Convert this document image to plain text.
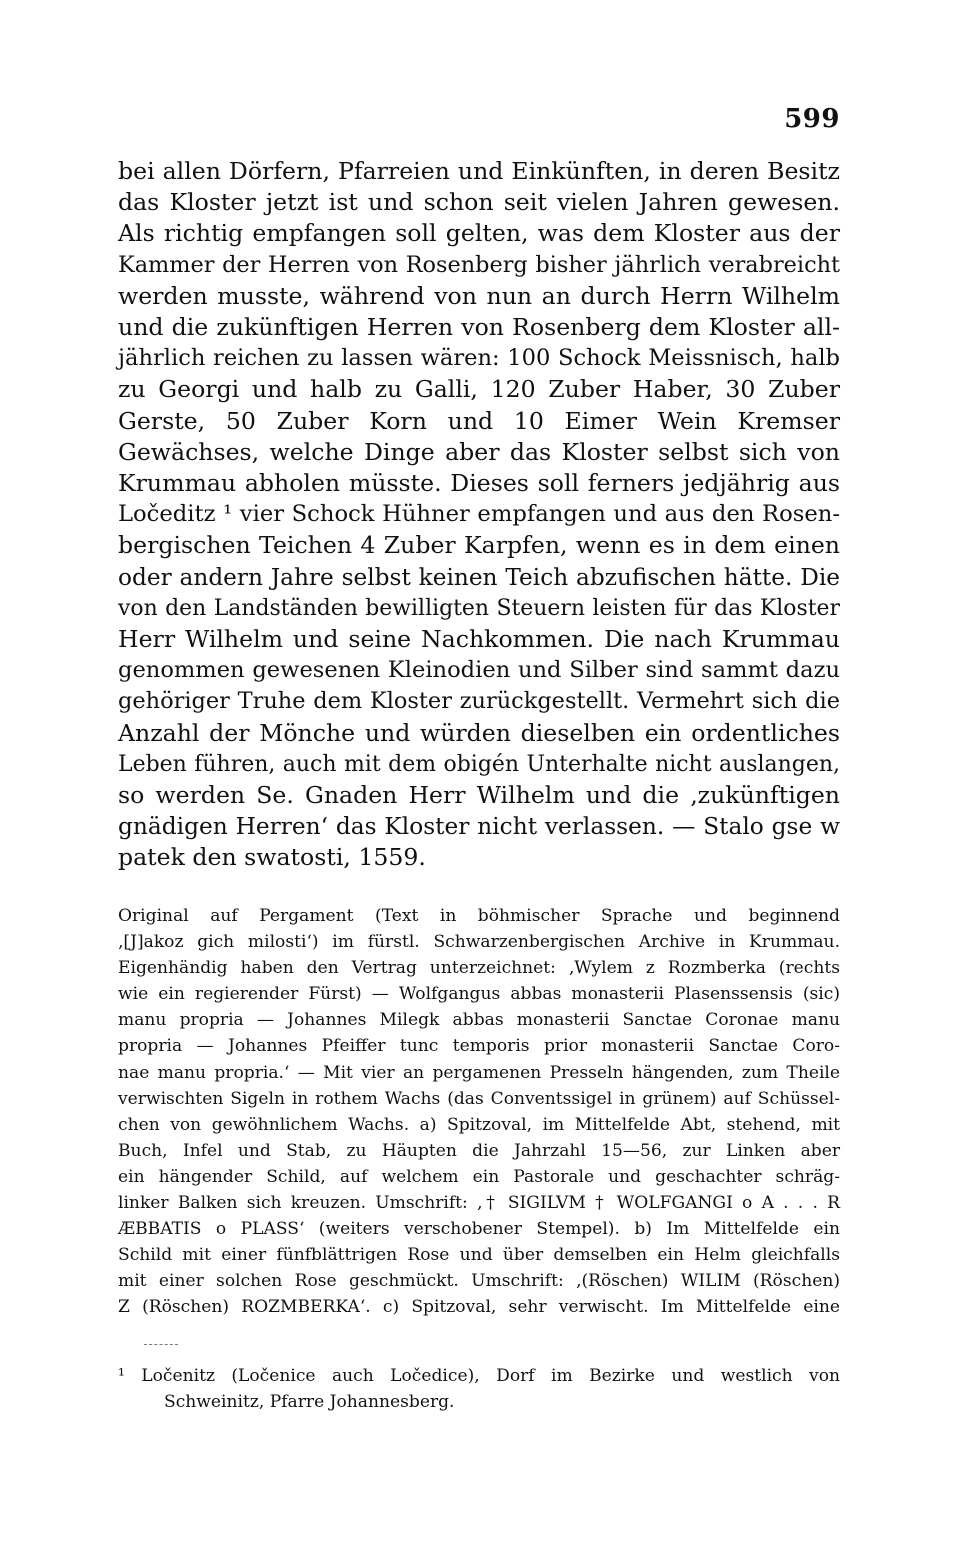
599
bei allen Dörfern, Pfarreien und Einkünften, in deren Besitz
das Kloster jetzt ist und schon seit vielen Jahren gewesen.
Als richtig empfangen soll gelten, was dem Kloster aus der
Kammer der Herren von Rosenberg bisher jährlich verabreicht
werden musste, während von nun an durch Herrn Wilhelm
und die zukünftigen Herren von Rosenberg dem Kloster all-
jährlich reichen zu lassen wären: 100 Schock Meissnisch, halb
zu Georgi und halb zu Galli, 120 Zuber Haber, 30 Zuber
Gerste, 50 Zuber Korn und 10 Eimer Wein Kremser
Gewächses, welche Dinge aber das Kloster selbst sich von
Krummau abholen müsste. Dieses soll ferners jedjährig aus
Ločeditz ¹ vier Schock Hühner empfangen und aus den Rosen-
bergischen Teichen 4 Zuber Karpfen, wenn es in dem einen
oder andern Jahre selbst keinen Teich abzufischen hätte. Die
von den Landständen bewilligten Steuern leisten für das Kloster
Herr Wilhelm und seine Nachkommen. Die nach Krummau
genommen gewesenen Kleinodien und Silber sind sammt dazu
gehöriger Truhe dem Kloster zurückgestellt. Vermehrt sich die
Anzahl der Mönche und würden dieselben ein ordentliches
Leben führen, auch mit dem obigén Unterhalte nicht auslangen,
so werden Se. Gnaden Herr Wilhelm und die ‚zukünftigen
gnädigen Herren‘ das Kloster nicht verlassen. — Stalo gse w
patek den swatosti, 1559.
Original auf Pergament (Text in böhmischer Sprache und beginnend
‚[J]akoz gich milosti‘) im fürstl. Schwarzenbergischen Archive in Krummau.
Eigenhändig haben den Vertrag unterzeichnet: ‚Wylem z Rozmberka (rechts
wie ein regierender Fürst) — Wolfgangus abbas monasterii Plasenssensis (sic)
manu propria — Johannes Milegk abbas monasterii Sanctae Coronae manu
propria — Johannes Pfeiffer tunc temporis prior monasterii Sanctae Coro-
nae manu propria.‘ — Mit vier an pergamenen Presseln hängenden, zum Theile
verwischten Sigeln in rothem Wachs (das Conventssigel in grünem) auf Schüssel-
chen von gewöhnlichem Wachs. a) Spitzoval, im Mittelfelde Abt, stehend, mit
Buch, Infel und Stab, zu Häupten die Jahrzahl 15—56, zur Linken aber
ein hängender Schild, auf welchem ein Pastorale und geschachter schräg-
linker Balken sich kreuzen. Umschrift: ‚† SIGILVM † WOLFGANGI o A . . . R
ÆBBATIS o PLASS‘ (weiters verschobener Stempel). b) Im Mittelfelde ein
Schild mit einer fünfblättrigen Rose und über demselben ein Helm gleichfalls
mit einer solchen Rose geschmückt. Umschrift: ‚(Röschen) WILIM (Röschen)
Z (Röschen) ROZMBERKA‘. c) Spitzoval, sehr verwischt. Im Mittelfelde eine
¹ Ločenitz (Ločenice auch Ločedice), Dorf im Bezirke und westlich von
Schweinitz, Pfarre Johannesberg.
